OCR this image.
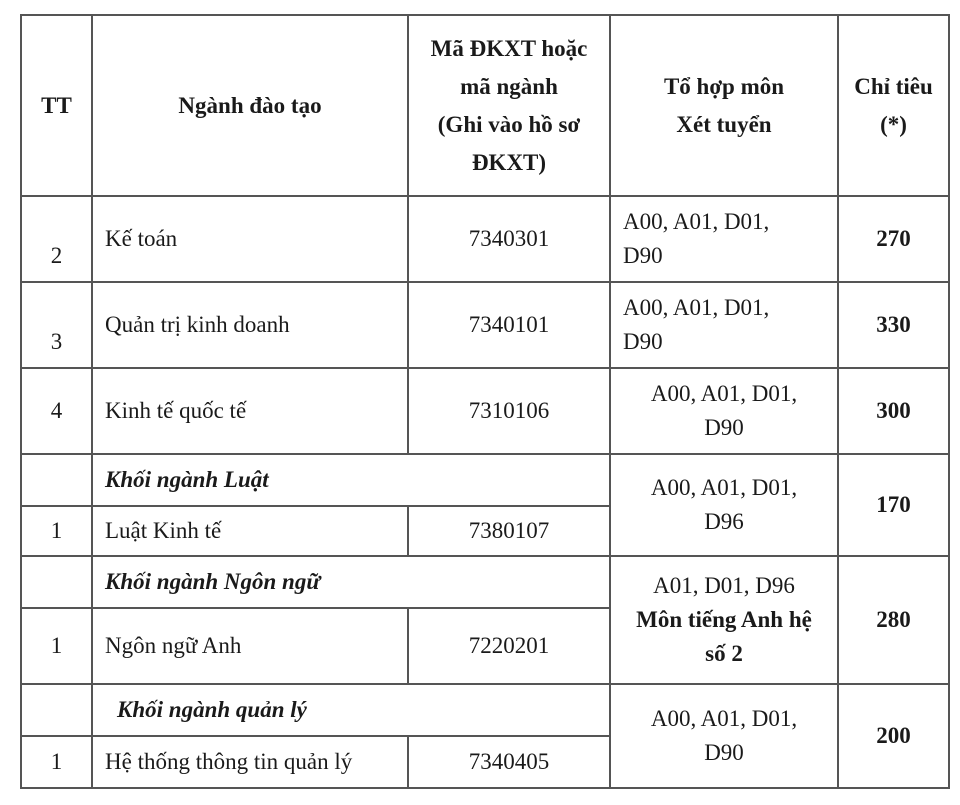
TT	Ngành đào tạo	Mã ĐKXT hoặc
mã ngành
(Ghi vào hồ sơ
ĐKXT)	Tổ hợp môn
Xét tuyển	Chỉ tiêu
(*)

2	Kế toán	7340301	A00, A01, D01,
D90	270
3	Quản trị kinh doanh	7340101	A00, A01, D01,
D90	330
4	Kinh tế quốc tế	7310106	A00, A01, D01,
D90	300
	Khối ngành Luật		A00, A01, D01,
D96	170
1	Luật Kinh tế	7380107		
	Khối ngành Ngôn ngữ		A01, D01, D96
Môn tiếng Anh hệ
số 2	280
1	Ngôn ngữ Anh	7220201		
	Khối ngành quản lý		A00, A01, D01,
D90	200
1	Hệ thống thông tin quản lý	7340405		
